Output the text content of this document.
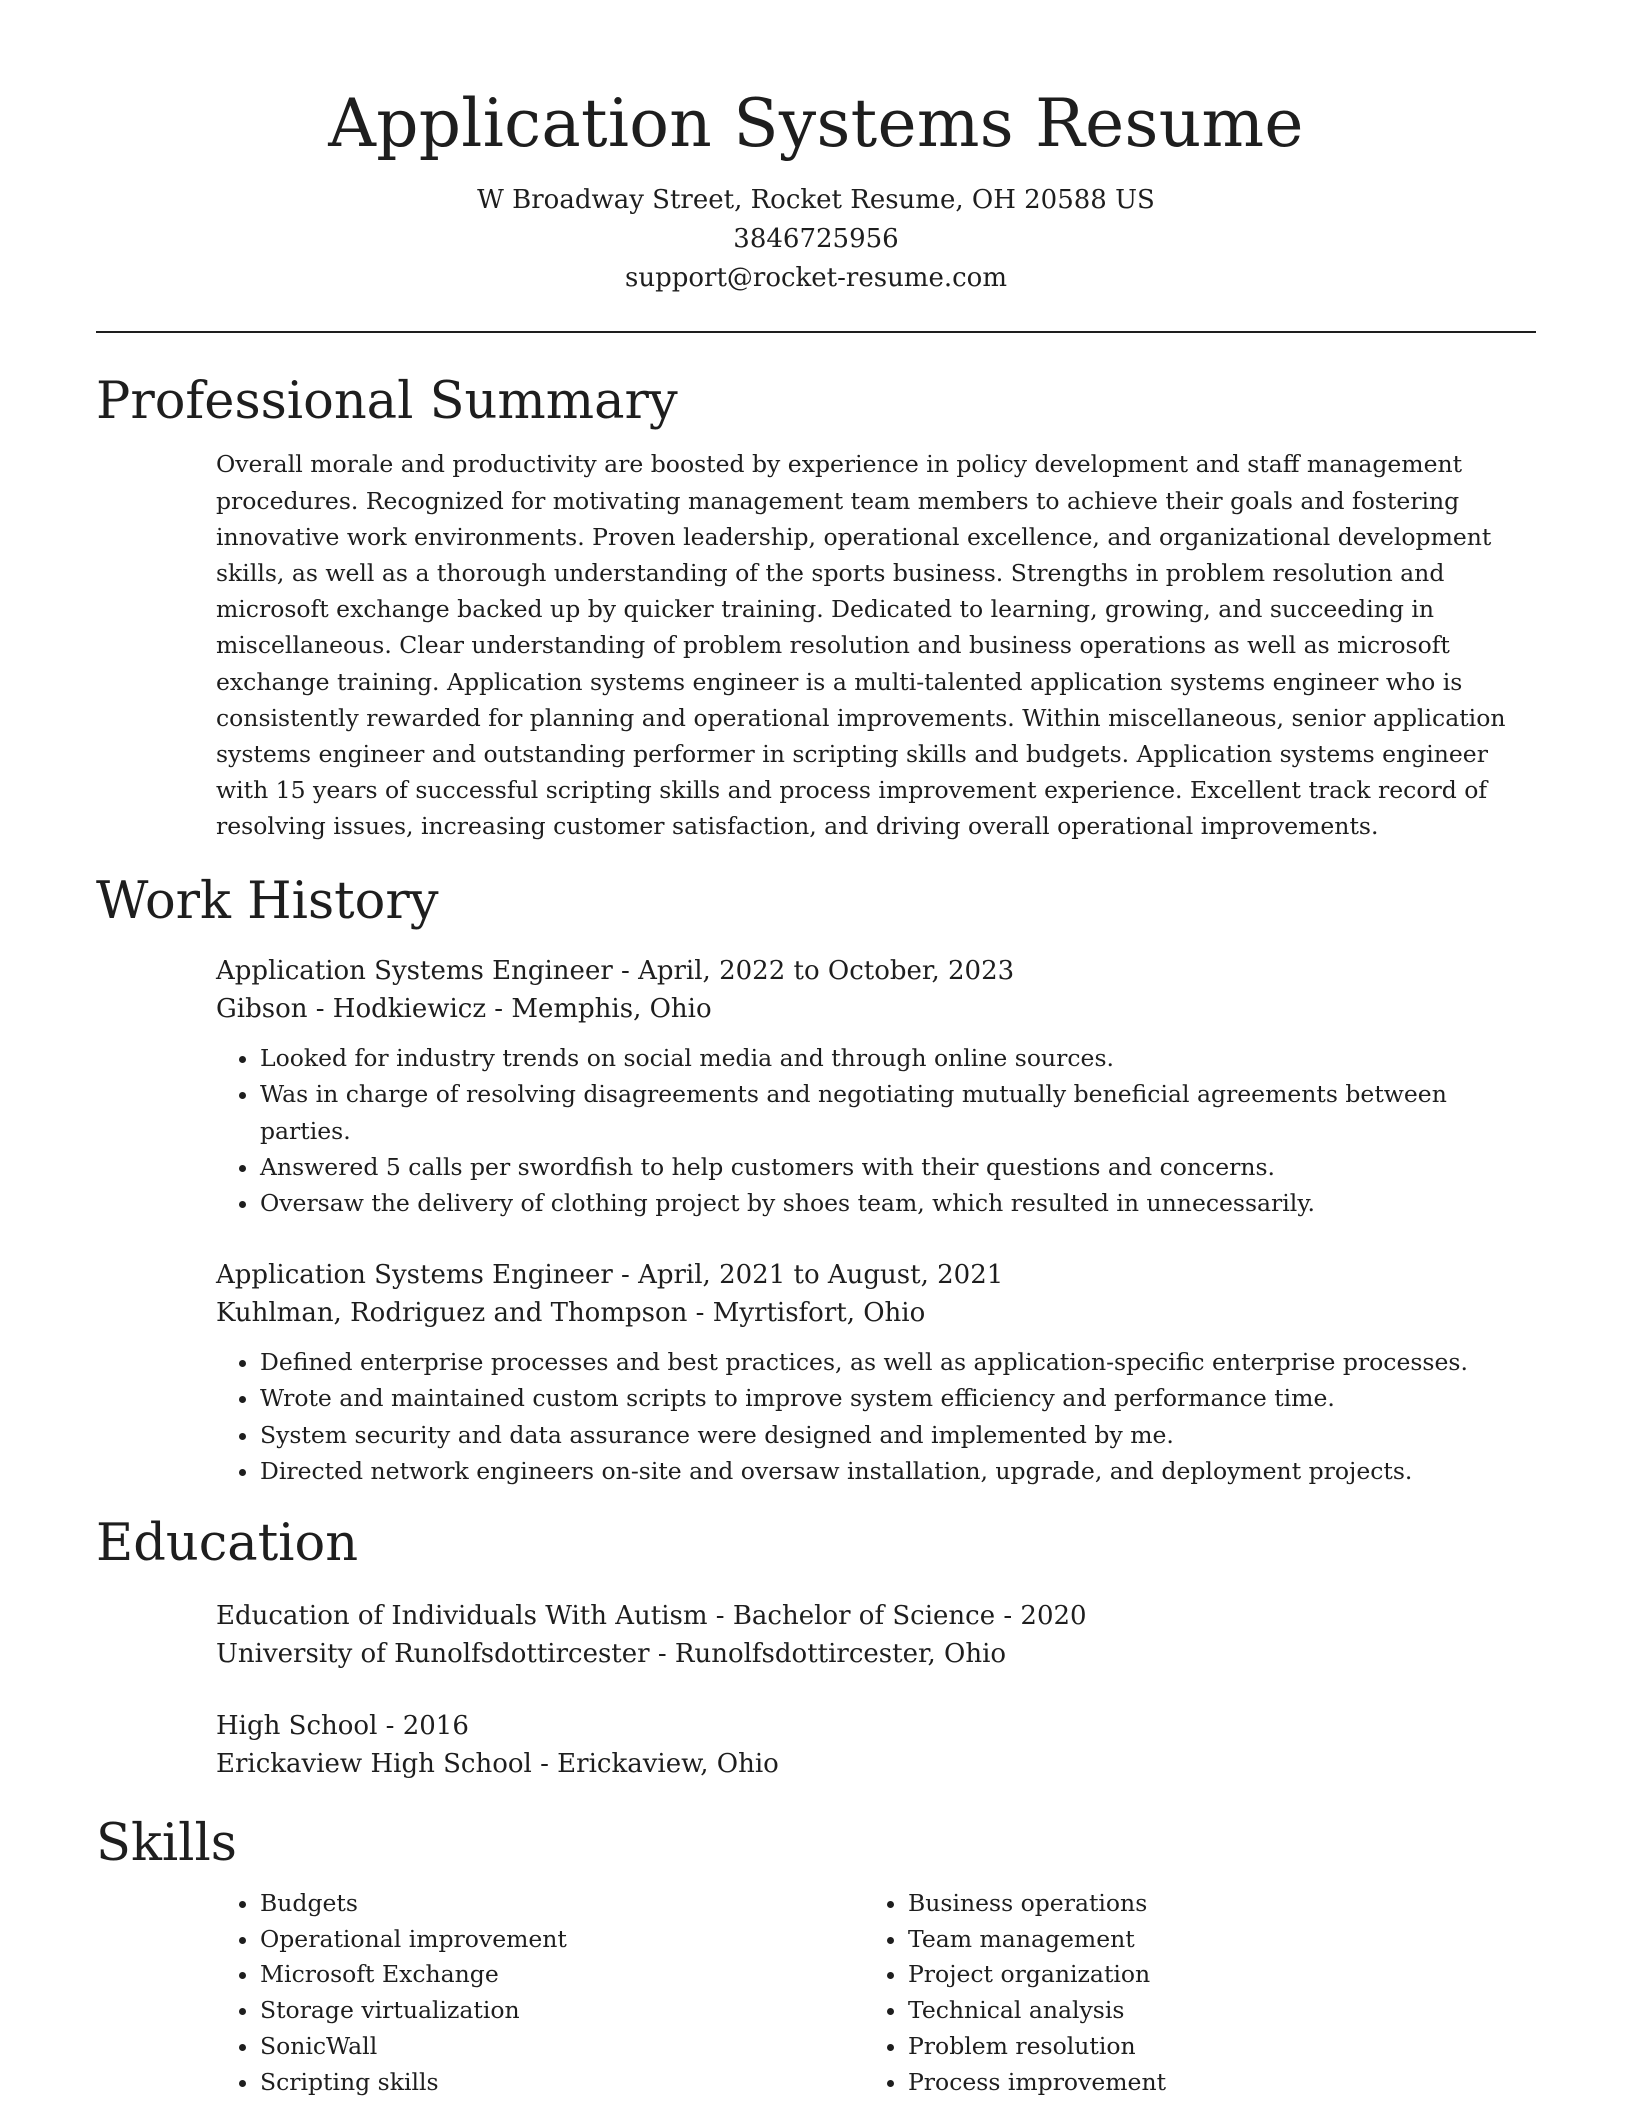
Application Systems Resume
W Broadway Street, Rocket Resume, OH 20588 US
3846725956
support@rocket-resume.com
Professional Summary

Overall morale and productivity are boosted by experience in policy development and staff management procedures. Recognized for motivating management team members to achieve their goals and fostering innovative work environments. Proven leadership, operational excellence, and organizational development skills, as well as a thorough understanding of the sports business. Strengths in problem resolution and microsoft exchange backed up by quicker training. Dedicated to learning, growing, and succeeding in miscellaneous. Clear understanding of problem resolution and business operations as well as microsoft exchange training. Application systems engineer is a multi-talented application systems engineer who is consistently rewarded for planning and operational improvements. Within miscellaneous, senior application systems engineer and outstanding performer in scripting skills and budgets. Application systems engineer with 15 years of successful scripting skills and process improvement experience. Excellent track record of resolving issues, increasing customer satisfaction, and driving overall operational improvements.

Work History
Application Systems Engineer - April, 2022 to October, 2023
Gibson - Hodkiewicz - Memphis, Ohio
• Looked for industry trends on social media and through online sources.
• Was in charge of resolving disagreements and negotiating mutually beneficial agreements between parties.
• Answered 5 calls per swordfish to help customers with their questions and concerns.
• Oversaw the delivery of clothing project by shoes team, which resulted in unnecessarily.
Application Systems Engineer - April, 2021 to August, 2021
Kuhlman, Rodriguez and Thompson - Myrtisfort, Ohio
• Defined enterprise processes and best practices, as well as application-specific enterprise processes.
• Wrote and maintained custom scripts to improve system efficiency and performance time.
• System security and data assurance were designed and implemented by me.
• Directed network engineers on-site and oversaw installation, upgrade, and deployment projects.
Education
Education of Individuals With Autism - Bachelor of Science - 2020
University of Runolfsdottircester - Runolfsdottircester, Ohio
High School - 2016
Erickaview High School - Erickaview, Ohio
Skills
• Budgets
• Operational improvement
• Microsoft Exchange
• Storage virtualization
• SonicWall
• Scripting skills
• Business operations
• Team management
• Project organization
• Technical analysis
• Problem resolution
• Process improvement
